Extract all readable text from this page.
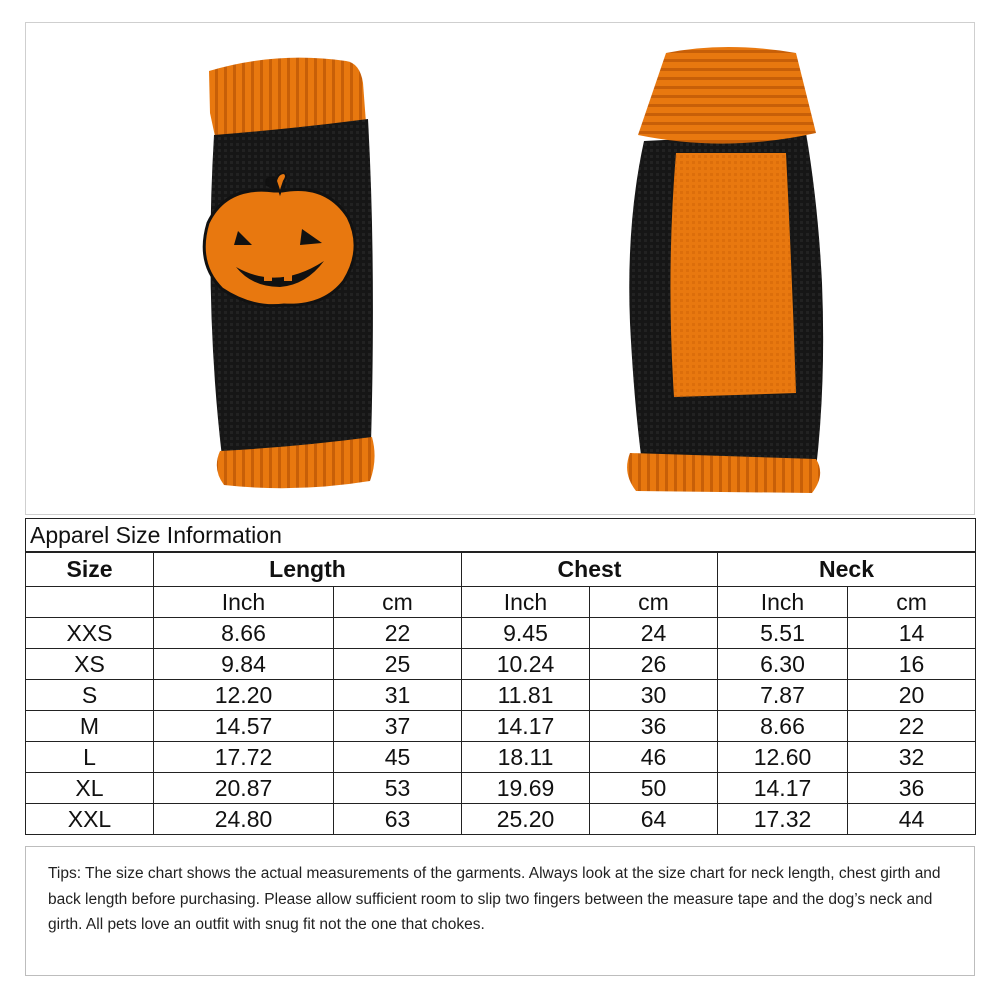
Apparel Size Information						
Size	Length		Chest		Neck	
	Inch	cm	Inch	cm	Inch	cm
XXS	8.66	22	9.45	24	5.51	14
XS	9.84	25	10.24	26	6.30	16
S	12.20	31	11.81	30	7.87	20
M	14.57	37	14.17	36	8.66	22
L	17.72	45	18.11	46	12.60	32
XL	20.87	53	19.69	50	14.17	36
XXL	24.80	63	25.20	64	17.32	44
Tips: The size chart shows the actual measurements of the garments. Always look at the size chart for neck length, chest girth and back length before purchasing. Please allow sufficient room to slip two fingers between the measure tape and the dog’s neck and girth. All pets love an outfit with snug fit not the one that chokes.
